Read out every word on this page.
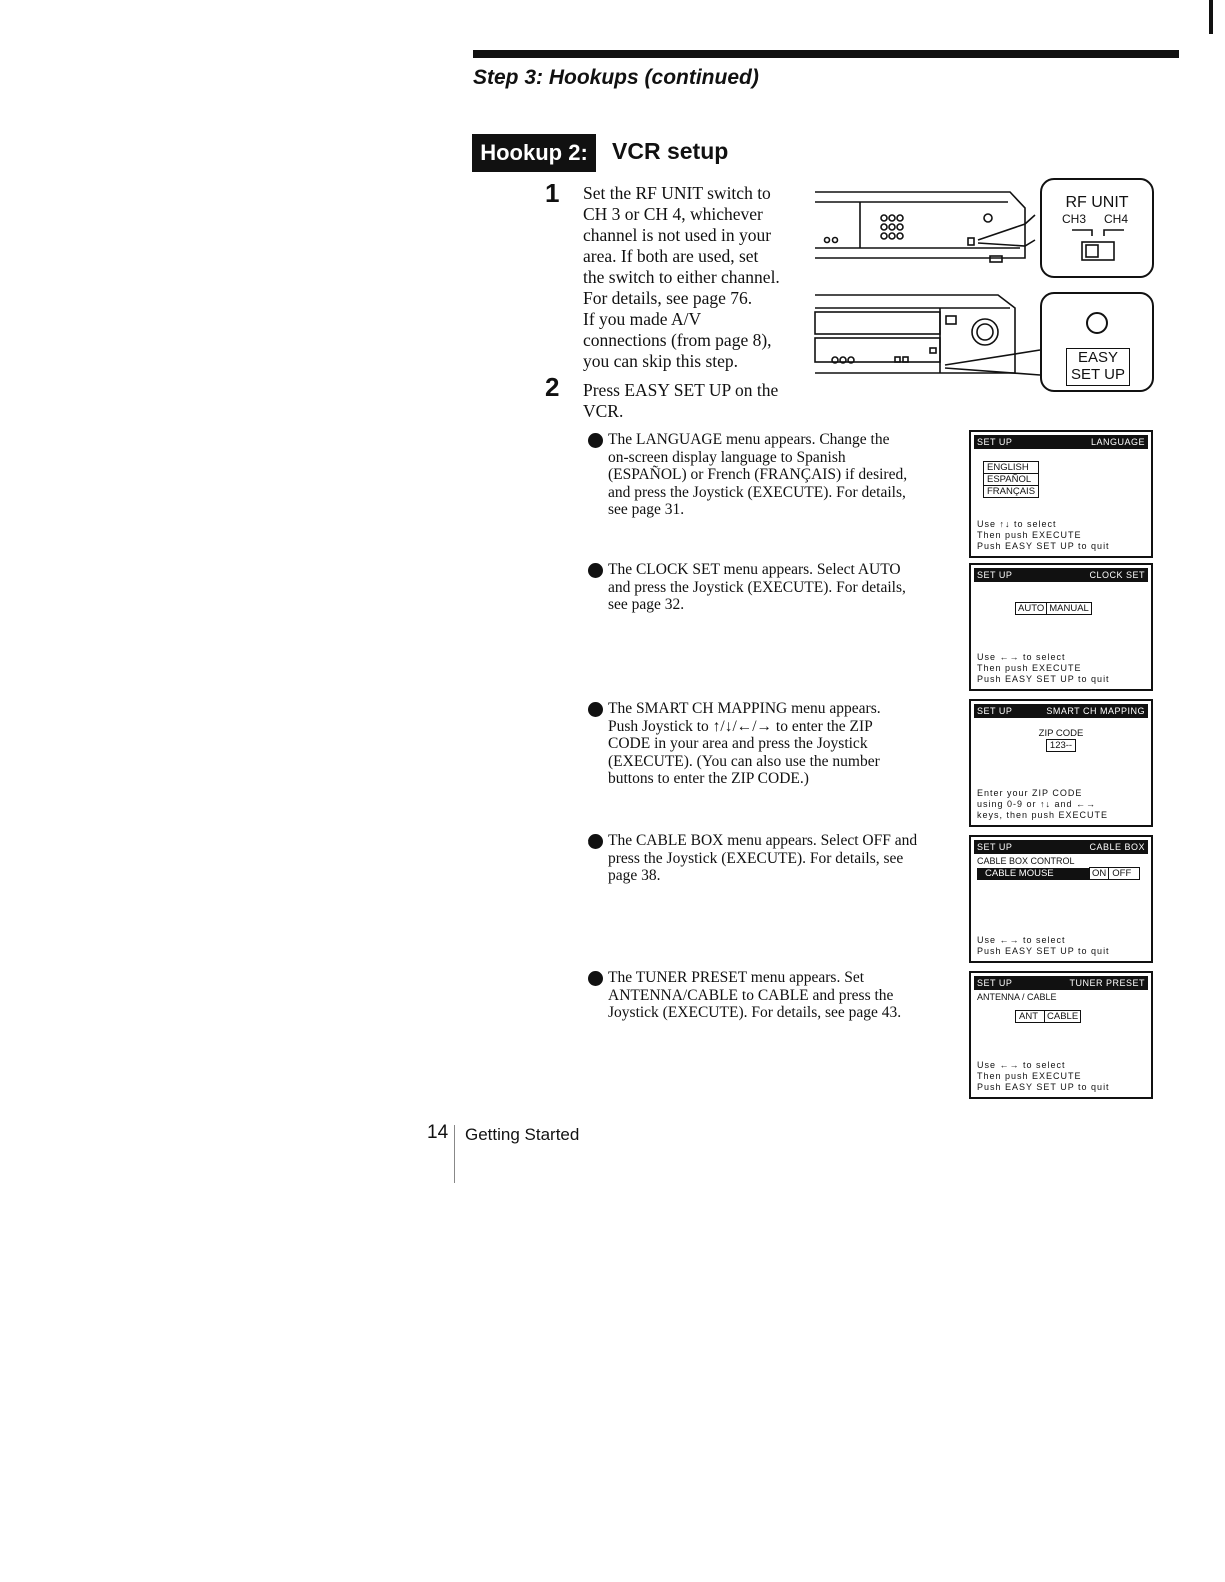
Step 3: Hookups (continued)
Hookup 2:	VCR setup
1 Set the RF UNIT switch to
CH 3 or CH 4, whichever
channel is not used in your
area. If both are used, set
the switch to either channel.
For details, see page 76.
If you made A/V
connections (from page 8),
you can skip this step.
2 Press EASY SET UP on the
VCR.
RF UNIT
CH3 CH4
EASY
SET UP
1 The LANGUAGE menu appears. Change the
on-screen display language to Spanish
(ESPAÑOL) or French (FRANÇAIS) if desired,
and press the Joystick (EXECUTE). For details,
see page 31.
2 The CLOCK SET menu appears. Select AUTO
and press the Joystick (EXECUTE). For details,
see page 32.
3 The SMART CH MAPPING menu appears.
Push Joystick to ↑/↓/←/→ to enter the ZIP
CODE in your area and press the Joystick
(EXECUTE). (You can also use the number
buttons to enter the ZIP CODE.)
4 The CABLE BOX menu appears. Select OFF and
press the Joystick (EXECUTE). For details, see
page 38.
5 The TUNER PRESET menu appears. Set
ANTENNA/CABLE to CABLE and press the
Joystick (EXECUTE). For details, see page 43.
SET UP	LANGUAGE
ENGLISH
ESPAÑOL
FRANÇAIS
Use ↑↓ to select
Then push EXECUTE
Push EASY SET UP to quit
SET UP	CLOCK SET
AUTO MANUAL
Use ←→ to select
Then push EXECUTE
Push EASY SET UP to quit
SET UP	SMART CH MAPPING
ZIP CODE
123--
Enter your ZIP CODE
using 0-9 or ↑↓ and ←→
keys, then push EXECUTE
SET UP	CABLE BOX
CABLE BOX CONTROL
CABLE MOUSE	ON OFF
Use ←→ to select
Push EASY SET UP to quit
SET UP	TUNER PRESET
ANTENNA / CABLE
ANT CABLE
Use ←→ to select
Then push EXECUTE
Push EASY SET UP to quit
14 Getting Started
